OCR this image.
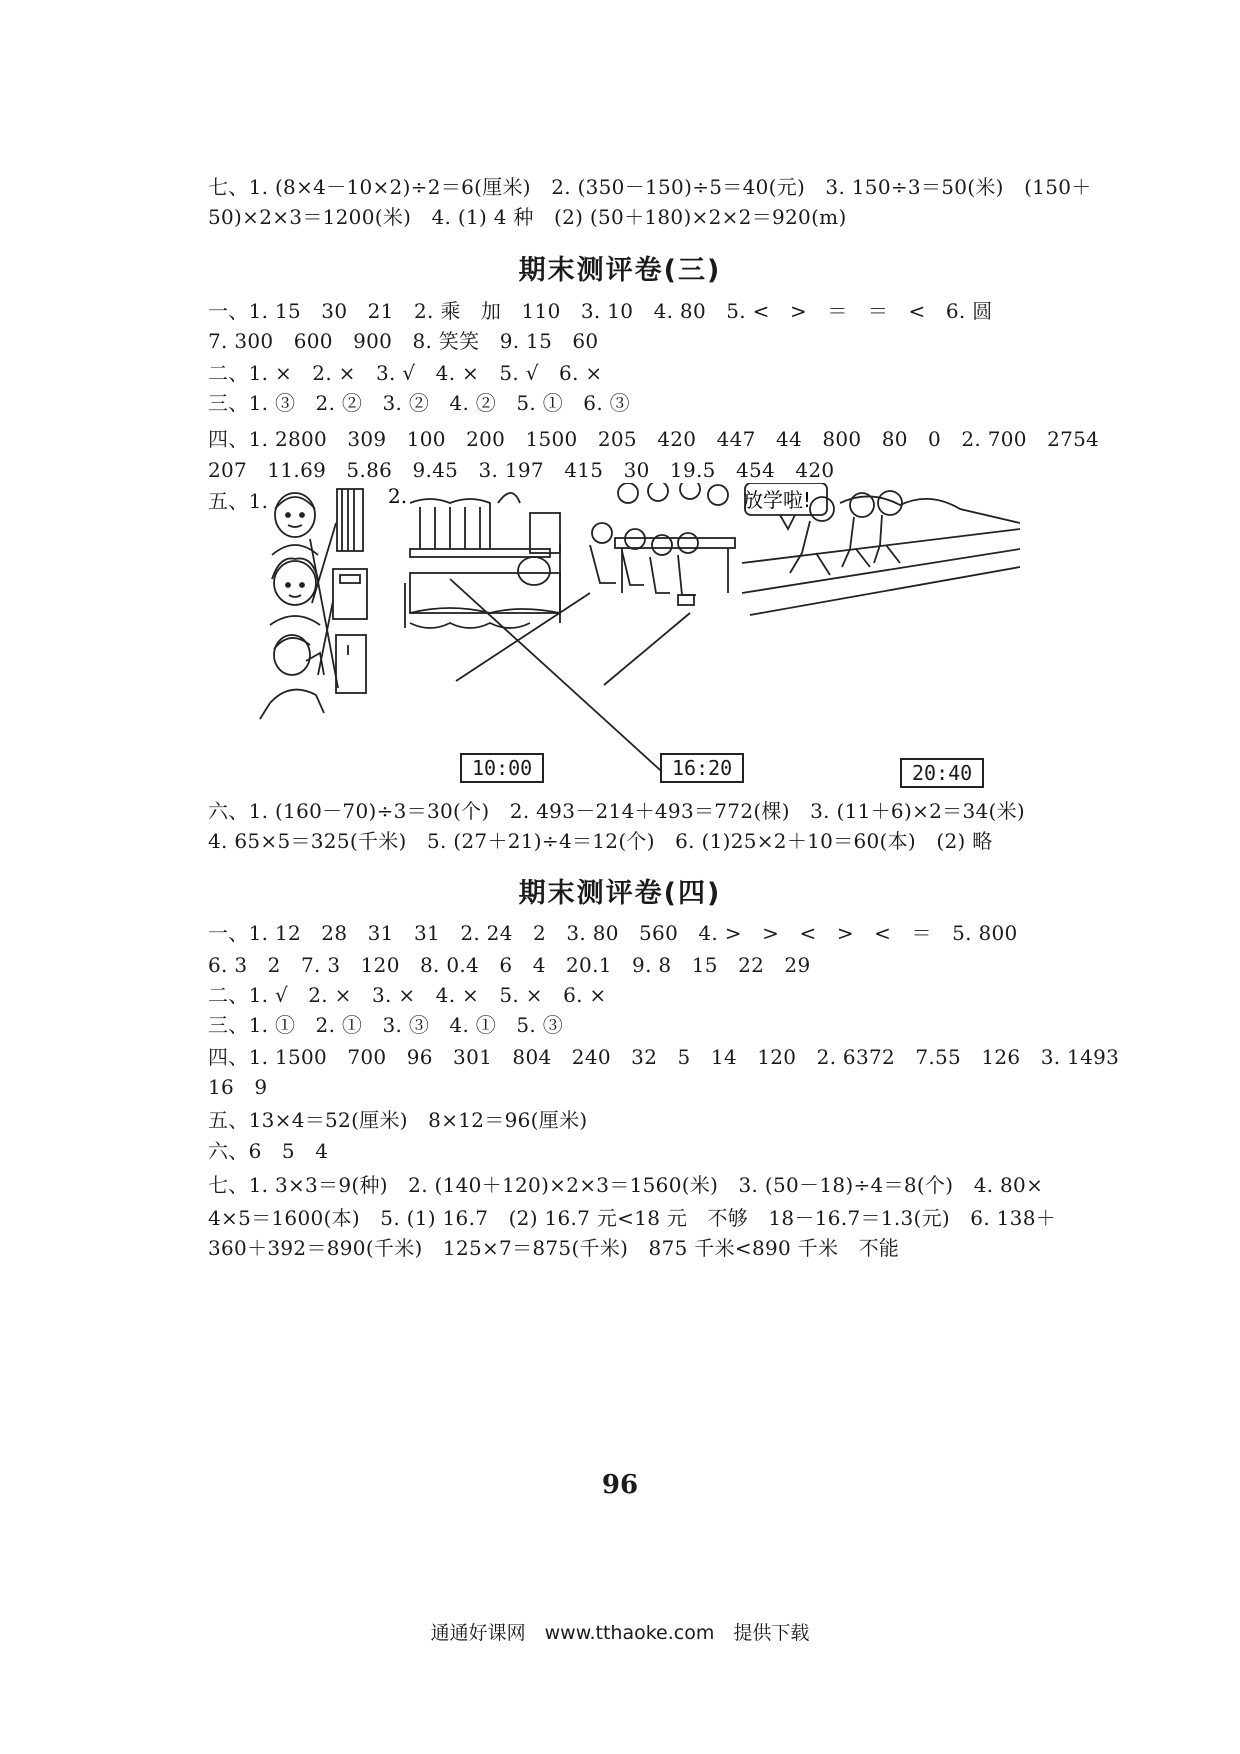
七、1. (8×4－10×2)÷2＝6(厘米)　2. (350－150)÷5＝40(元)　3. 150÷3＝50(米)　(150＋
50)×2×3＝1200(米)　4. (1) 4 种　(2) (50＋180)×2×2＝920(m)
期末测评卷(三)
一、1. 15　30　21　2. 乘　加　110　3. 10　4. 80　5. <　>　＝　＝　<　6. 圆
7. 300　600　900　8. 笑笑　9. 15　60
二、1. ×　2. ×　3. √　4. ×　5. √　6. ×
三、1. ③　2. ②　3. ②　4. ②　5. ①　6. ③
四、1. 2800　309　100　200　1500　205　420　447　44　800　80　0　2. 700　2754
207　11.69　5.86　9.45　3. 197　415　30　19.5　454　420
五、1.	放学啦!
2.
10:00	16:20	20:40
六、1. (160－70)÷3＝30(个)　2. 493－214＋493＝772(棵)　3. (11＋6)×2＝34(米)
4. 65×5＝325(千米)　5. (27＋21)÷4＝12(个)　6. (1)25×2＋10＝60(本)　(2) 略
期末测评卷(四)
一、1. 12　28　31　31　2. 24　2　3. 80　560　4. >　>　<　>　<　＝　5. 800
6. 3　2　7. 3　120　8. 0.4　6　4　20.1　9. 8　15　22　29
二、1. √　2. ×　3. ×　4. ×　5. ×　6. ×
三、1. ①　2. ①　3. ③　4. ①　5. ③
四、1. 1500　700　96　301　804　240　32　5　14　120　2. 6372　7.55　126　3. 1493
16　9
五、13×4＝52(厘米)　8×12＝96(厘米)
六、6　5　4
七、1. 3×3＝9(种)　2. (140＋120)×2×3＝1560(米)　3. (50－18)÷4＝8(个)　4. 80×
4×5＝1600(本)　5. (1) 16.7　(2) 16.7 元<18 元　不够　18－16.7＝1.3(元)　6. 138＋
360＋392＝890(千米)　125×7＝875(千米)　875 千米<890 千米　不能
96
通通好课网　www.tthaoke.com　提供下载
